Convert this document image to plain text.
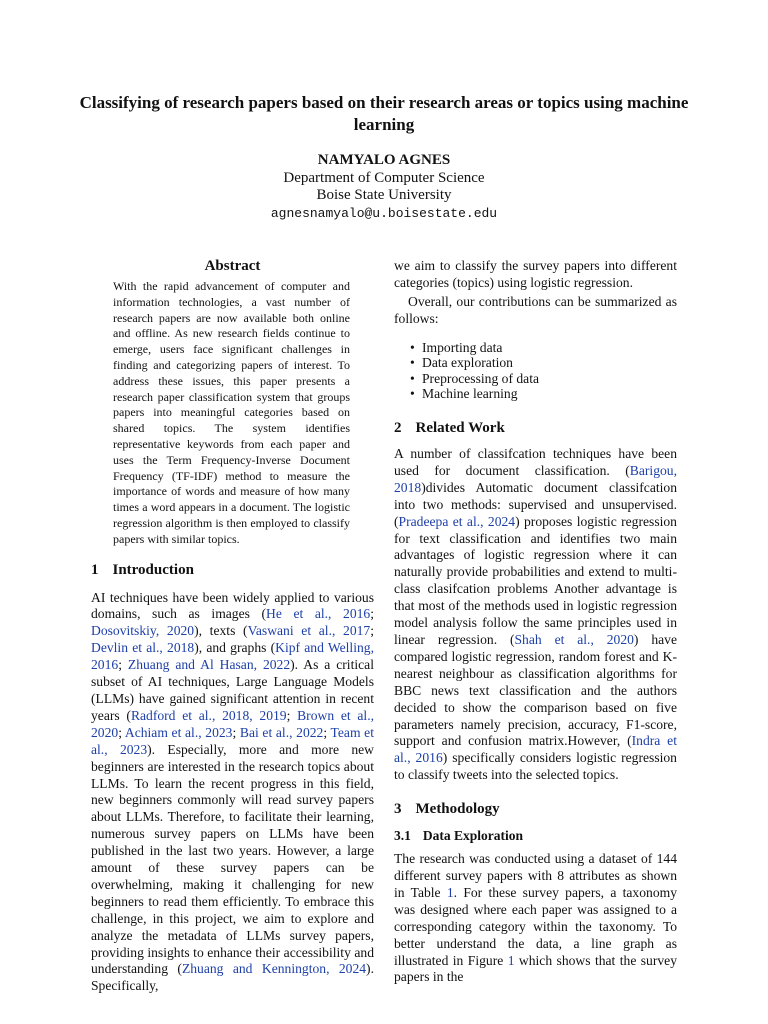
Classifying of research papers based on their research areas or topics using machine learning
NAMYALO AGNES
Department of Computer Science
Boise State University
agnesnamyalo@u.boisestate.edu
Abstract

With the rapid advancement of computer and information technologies, a vast number of research papers are now available both online and offline. As new research fields continue to emerge, users face significant challenges in finding and categorizing papers of interest. To address these issues, this paper presents a research paper classification system that groups papers into meaningful categories based on shared topics. The system identifies representative keywords from each paper and uses the Term Frequency-Inverse Document Frequency (TF-IDF) method to measure the importance of words and measure of how many times a word appears in a document. The logistic regression algorithm is then employed to classify papers with similar topics.

1 Introduction

AI techniques have been widely applied to various domains, such as images (He et al., 2016; Dosovitskiy, 2020), texts (Vaswani et al., 2017; Devlin et al., 2018), and graphs (Kipf and Welling, 2016; Zhuang and Al Hasan, 2022). As a critical subset of AI techniques, Large Language Models (LLMs) have gained significant attention in recent years (Radford et al., 2018, 2019; Brown et al., 2020; Achiam et al., 2023; Bai et al., 2022; Team et al., 2023). Especially, more and more new beginners are interested in the research topics about LLMs. To learn the recent progress in this field, new beginners commonly will read survey papers about LLMs. Therefore, to facilitate their learning, numerous survey papers on LLMs have been published in the last two years. However, a large amount of these survey papers can be overwhelming, making it challenging for new beginners to read them efficiently. To embrace this challenge, in this project, we aim to explore and analyze the metadata of LLMs survey papers, providing insights to enhance their accessibility and understanding (Zhuang and Kennington, 2024). Specifically,

we aim to classify the survey papers into different categories (topics) using logistic regression.

Overall, our contributions can be summarized as follows:

• Importing data
• Data exploration
• Preprocessing of data
• Machine learning
2 Related Work

A number of classifcation techniques have been used for document classification. (Barigou, 2018)divides Automatic document classifcation into two methods: supervised and unsupervised. (Pradeepa et al., 2024) proposes logistic regression for text classification and identifies two main advantages of logistic regression where it can naturally provide probabilities and extend to multi-class clasifcation problems Another advantage is that most of the methods used in logistic regression model analysis follow the same principles used in linear regression. (Shah et al., 2020) have compared logistic regression, random forest and K-nearest neighbour as classification algorithms for BBC news text classification and the authors decided to show the comparison based on five parameters namely precision, accuracy, F1-score, support and confusion matrix.However, (Indra et al., 2016) specifically considers logistic regression to classify tweets into the selected topics.

3 Methodology
3.1 Data Exploration

The research was conducted using a dataset of 144 different survey papers with 8 attributes as shown in Table 1. For these survey papers, a taxonomy was designed where each paper was assigned to a corresponding category within the taxonomy. To better understand the data, a line graph as illustrated in Figure 1 which shows that the survey papers in the
